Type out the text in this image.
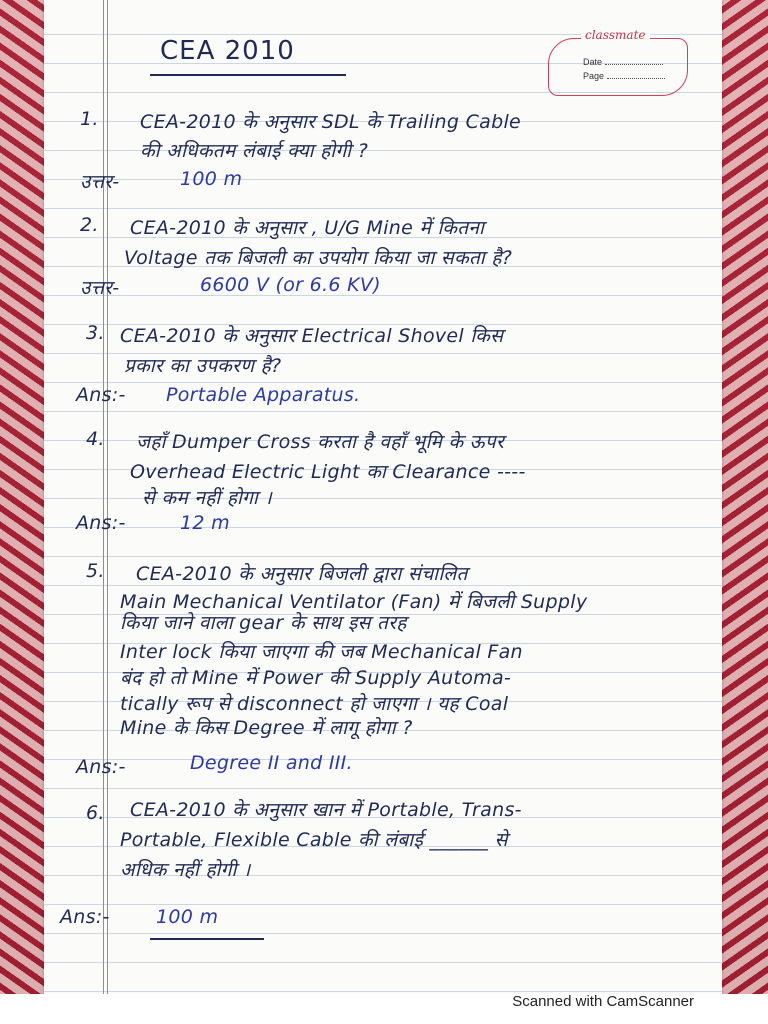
classmate
Date
Page
CEA 2010
1. CEA-2010 के अनुसार SDL के Trailing Cable
की अधिकतम लंबाई क्या होगी ?
उत्तर-	100 m
2. CEA-2010 के अनुसार , U/G Mine में कितना
Voltage तक बिजली का उपयोग किया जा सकता है?
उत्तर-	6600 V (or 6.6 KV)
3. CEA-2010 के अनुसार Electrical Shovel किस
प्रकार का उपकरण है?
Ans:- Portable Apparatus.
4. जहाँ Dumper Cross करता है वहाँ भूमि के ऊपर
Overhead Electric Light का Clearance ----
से कम नहीं होगा ।
Ans:-	12 m
5. CEA-2010 के अनुसार बिजली द्वारा संचालित
Main Mechanical Ventilator (Fan) में बिजली Supply
किया जाने वाला gear के साथ इस तरह
Inter lock किया जाएगा की जब Mechanical Fan
बंद हो तो Mine में Power की Supply Automa-
tically रूप से disconnect हो जाएगा । यह Coal
Mine के किस Degree में लागू होगा ?
Ans:-	Degree II and III.
6. CEA-2010 के अनुसार खान में Portable, Trans-
Portable, Flexible Cable की लंबाई ______ से
अधिक नहीं होगी ।
Ans:- 100 m
Scanned with CamScanner
